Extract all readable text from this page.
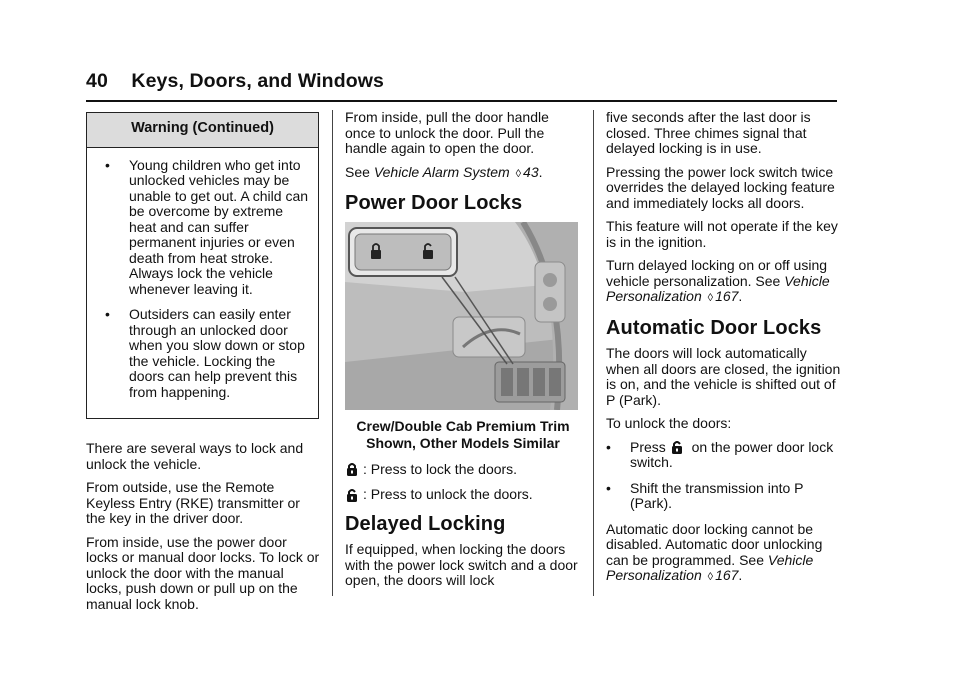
40 Keys, Doors, and Windows
Warning (Continued)
•	Young children who get into unlocked vehicles may be unable to get out. A child can be overcome by extreme heat and can suffer permanent injuries or even death from heat stroke. Always lock the vehicle whenever leaving it.
•	Outsiders can easily enter through an unlocked door when you slow down or stop the vehicle. Locking the doors can help prevent this from happening.

There are several ways to lock and unlock the vehicle.

From outside, use the Remote Keyless Entry (RKE) transmitter or the key in the driver door.

From inside, use the power door locks or manual door locks. To lock or unlock the door with the manual locks, push down or pull up on the manual lock knob.

From inside, pull the door handle once to unlock the door. Pull the handle again to open the door.

See Vehicle Alarm System ◊ 43.

Power Door Locks
Crew/Double Cab Premium Trim Shown, Other Models Similar
: Press to lock the doors.
: Press to unlock the doors.
Delayed Locking

If equipped, when locking the doors with the power lock switch and a door open, the doors will lock

five seconds after the last door is closed. Three chimes signal that delayed locking is in use.

Pressing the power lock switch twice overrides the delayed locking feature and immediately locks all doors.

This feature will not operate if the key is in the ignition.

Turn delayed locking on or off using vehicle personalization. See Vehicle Personalization ◊ 167.

Automatic Door Locks

The doors will lock automatically when all doors are closed, the ignition is on, and the vehicle is shifted out of P (Park).

To unlock the doors:

•	Press on the power door lock switch.
•	Shift the transmission into P (Park).

Automatic door locking cannot be disabled. Automatic door unlocking can be programmed. See Vehicle Personalization ◊ 167.
